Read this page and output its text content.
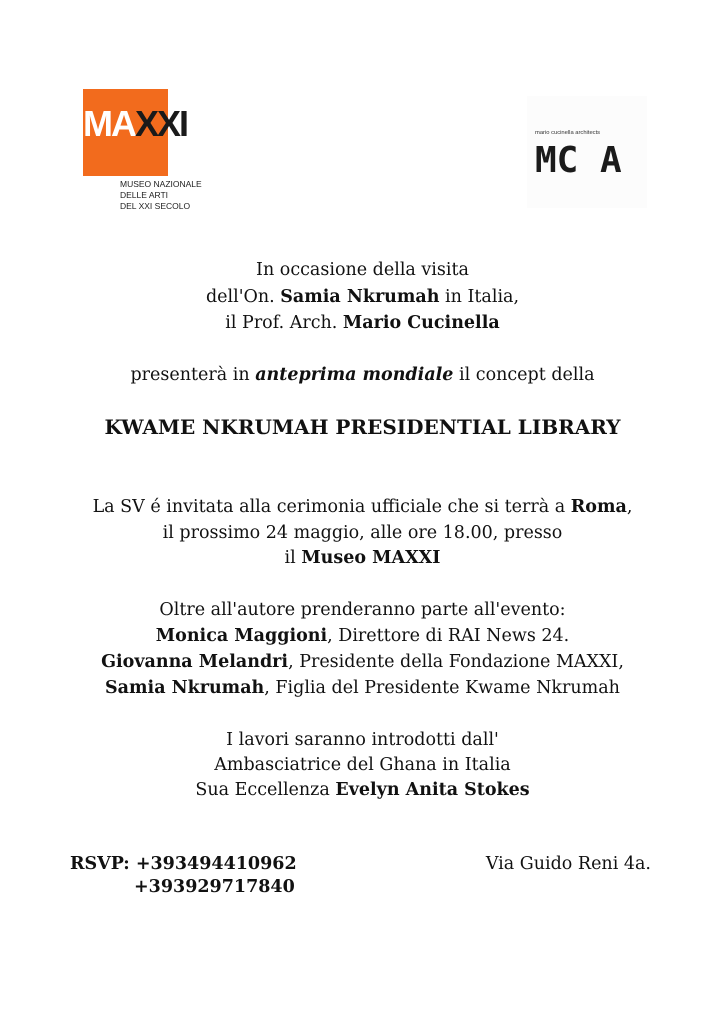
MAXXI
MUSEO NAZIONALE
DELLE ARTI
DEL XXI SECOLO
mario cucinella architects
MC A
In occasione della visita
dell'On. Samia Nkrumah in Italia,
il Prof. Arch. Mario Cucinella
presenterà in anteprima mondiale il concept della
KWAME NKRUMAH PRESIDENTIAL LIBRARY
La SV é invitata alla cerimonia ufficiale che si terrà a Roma,
il prossimo 24 maggio, alle ore 18.00, presso
il Museo MAXXI
Oltre all'autore prenderanno parte all'evento:
Monica Maggioni, Direttore di RAI News 24.
Giovanna Melandri, Presidente della Fondazione MAXXI,
Samia Nkrumah, Figlia del Presidente Kwame Nkrumah
I lavori saranno introdotti dall'
Ambasciatrice del Ghana in Italia
Sua Eccellenza Evelyn Anita Stokes
RSVP: +393494410962
+393929717840
Via Guido Reni 4a.
